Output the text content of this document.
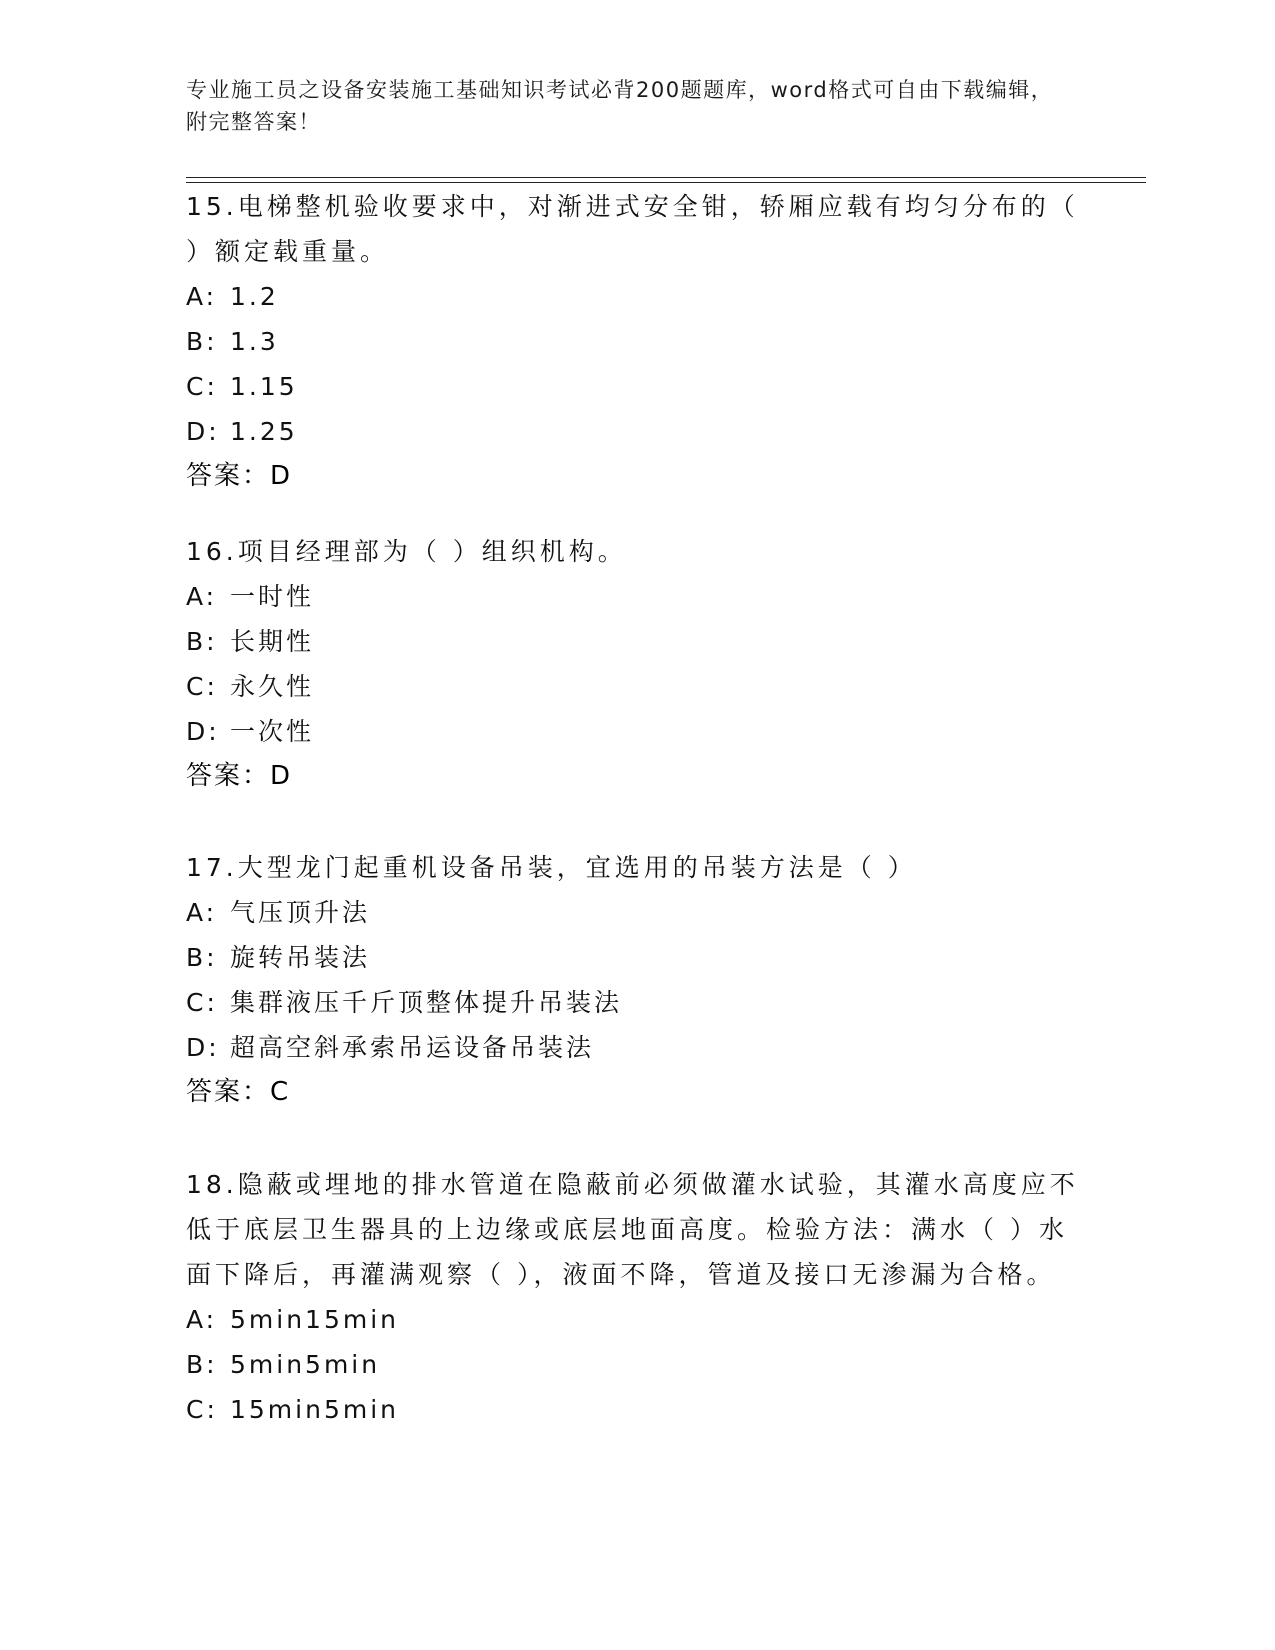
专业施工员之设备安装施工基础知识考试必背200题题库，word格式可自由下载编辑，附完整答案！
15.电梯整机验收要求中，对渐进式安全钳，轿厢应载有均匀分布的（ ）额定载重量。
A: 1.2
B: 1.3
C: 1.15
D: 1.25
答案：D
16.项目经理部为（ ）组织机构。
A: 一时性
B: 长期性
C: 永久性
D: 一次性
答案：D
17.大型龙门起重机设备吊装，宜选用的吊装方法是（ ）
A: 气压顶升法
B: 旋转吊装法
C: 集群液压千斤顶整体提升吊装法
D: 超高空斜承索吊运设备吊装法
答案：C
18.隐蔽或埋地的排水管道在隐蔽前必须做灌水试验，其灌水高度应不低于底层卫生器具的上边缘或底层地面高度。检验方法：满水（ ）水面下降后，再灌满观察（ ），液面不降，管道及接口无渗漏为合格。
A: 5min15min
B: 5min5min
C: 15min5min
